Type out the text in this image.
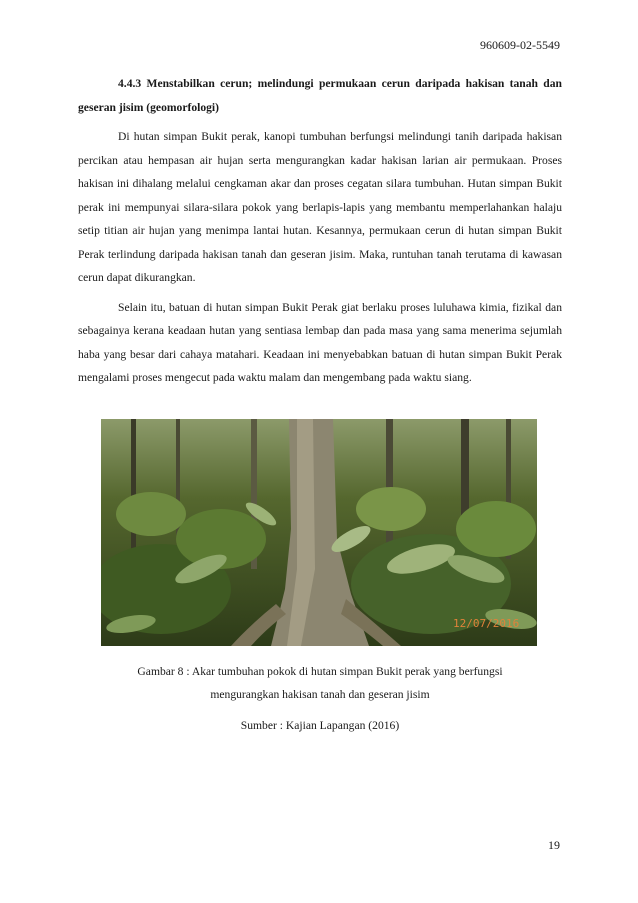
960609-02-5549

4.4.3 Menstabilkan cerun; melindungi permukaan cerun daripada hakisan tanah dan geseran jisim (geomorfologi)

Di hutan simpan Bukit perak, kanopi tumbuhan berfungsi melindungi tanih daripada hakisan percikan atau hempasan air hujan serta mengurangkan kadar hakisan larian air permukaan. Proses hakisan ini dihalang melalui cengkaman akar dan proses cegatan silara tumbuhan. Hutan simpan Bukit perak ini mempunyai silara-silara pokok yang berlapis-lapis yang membantu memperlahankan halaju setip titian air hujan yang menimpa lantai hutan. Kesannya, permukaan cerun di hutan simpan Bukit Perak terlindung daripada hakisan tanah dan geseran jisim. Maka, runtuhan tanah terutama di kawasan cerun dapat dikurangkan.

Selain itu, batuan di hutan simpan Bukit Perak giat berlaku proses luluhawa kimia, fizikal dan sebagainya kerana keadaan hutan yang sentiasa lembap dan pada masa yang sama menerima sejumlah haba yang besar dari cahaya matahari. Keadaan ini menyebabkan batuan di hutan simpan Bukit Perak mengalami proses mengecut pada waktu malam dan mengembang pada waktu siang.

12/07/2016
Gambar 8 : Akar tumbuhan pokok di hutan simpan Bukit perak yang berfungsi
mengurangkan hakisan tanah dan geseran jisim
Sumber : Kajian Lapangan (2016)
19
